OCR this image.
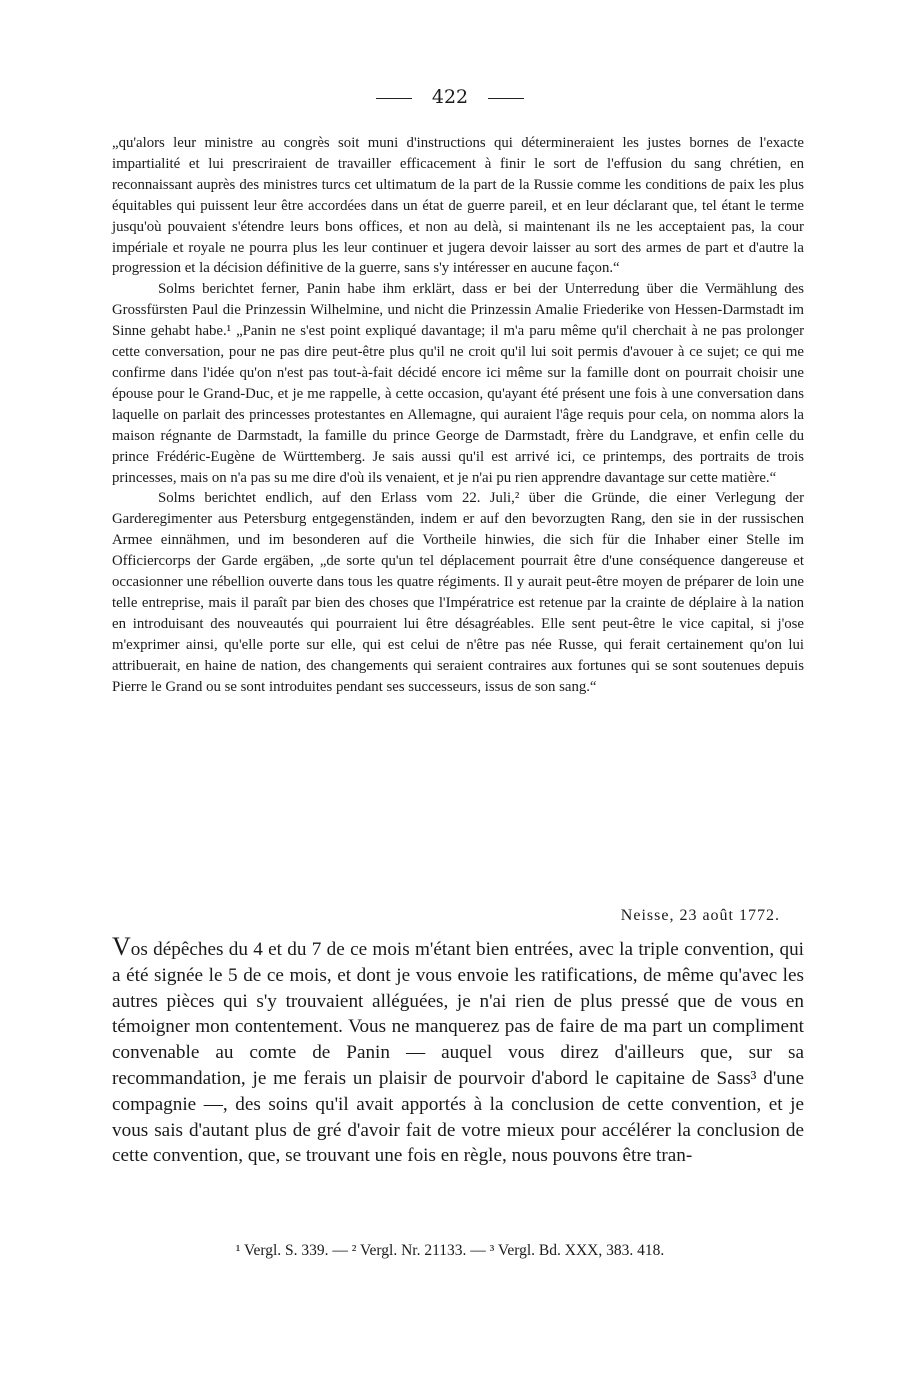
422

„qu'alors leur ministre au congrès soit muni d'instructions qui détermineraient les justes bornes de l'exacte impartialité et lui prescriraient de travailler efficacement à finir le sort de l'effusion du sang chrétien, en reconnaissant auprès des ministres turcs cet ultimatum de la part de la Russie comme les conditions de paix les plus équitables qui puissent leur être accordées dans un état de guerre pareil, et en leur déclarant que, tel étant le terme jusqu'où pouvaient s'étendre leurs bons offices, et non au delà, si maintenant ils ne les acceptaient pas, la cour impériale et royale ne pourra plus les leur continuer et jugera devoir laisser au sort des armes de part et d'autre la progression et la décision définitive de la guerre, sans s'y intéresser en aucune façon.“

Solms berichtet ferner, Panin habe ihm erklärt, dass er bei der Unterredung über die Vermählung des Grossfürsten Paul die Prinzessin Wilhelmine, und nicht die Prinzessin Amalie Friederike von Hessen-Darmstadt im Sinne gehabt habe.¹ „Panin ne s'est point expliqué davantage; il m'a paru même qu'il cherchait à ne pas prolonger cette conversation, pour ne pas dire peut-être plus qu'il ne croit qu'il lui soit permis d'avouer à ce sujet; ce qui me confirme dans l'idée qu'on n'est pas tout-à-fait décidé encore ici même sur la famille dont on pourrait choisir une épouse pour le Grand-Duc, et je me rappelle, à cette occasion, qu'ayant été présent une fois à une conversation dans laquelle on parlait des princesses protestantes en Allemagne, qui auraient l'âge requis pour cela, on nomma alors la maison régnante de Darmstadt, la famille du prince George de Darmstadt, frère du Landgrave, et enfin celle du prince Frédéric-Eugène de Württemberg. Je sais aussi qu'il est arrivé ici, ce printemps, des portraits de trois princesses, mais on n'a pas su me dire d'où ils venaient, et je n'ai pu rien apprendre davantage sur cette matière.“

Solms berichtet endlich, auf den Erlass vom 22. Juli,² über die Gründe, die einer Verlegung der Garderegimenter aus Petersburg entgegenständen, indem er auf den bevorzugten Rang, den sie in der russischen Armee einnähmen, und im besonderen auf die Vortheile hinwies, die sich für die Inhaber einer Stelle im Officiercorps der Garde ergäben, „de sorte qu'un tel déplacement pourrait être d'une conséquence dangereuse et occasionner une rébellion ouverte dans tous les quatre régiments. Il y aurait peut-être moyen de préparer de loin une telle entreprise, mais il paraît par bien des choses que l'Impératrice est retenue par la crainte de déplaire à la nation en introduisant des nouveautés qui pourraient lui être désagréables. Elle sent peut-être le vice capital, si j'ose m'exprimer ainsi, qu'elle porte sur elle, qui est celui de n'être pas née Russe, qui ferait certainement qu'on lui attribuerait, en haine de nation, des changements qui seraient contraires aux fortunes qui se sont soutenues depuis Pierre le Grand ou se sont introduites pendant ses successeurs, issus de son sang.“

Neisse, 23 août 1772.

Vos dépêches du 4 et du 7 de ce mois m'étant bien entrées, avec la triple convention, qui a été signée le 5 de ce mois, et dont je vous envoie les ratifications, de même qu'avec les autres pièces qui s'y trouvaient alléguées, je n'ai rien de plus pressé que de vous en témoigner mon contentement. Vous ne manquerez pas de faire de ma part un compliment convenable au comte de Panin — auquel vous direz d'ailleurs que, sur sa recommandation, je me ferais un plaisir de pourvoir d'abord le capitaine de Sass³ d'une compagnie —, des soins qu'il avait apportés à la conclusion de cette convention, et je vous sais d'autant plus de gré d'avoir fait de votre mieux pour accélérer la conclusion de cette convention, que, se trouvant une fois en règle, nous pouvons être tran-

¹ Vergl. S. 339. — ² Vergl. Nr. 21133. — ³ Vergl. Bd. XXX, 383. 418.
